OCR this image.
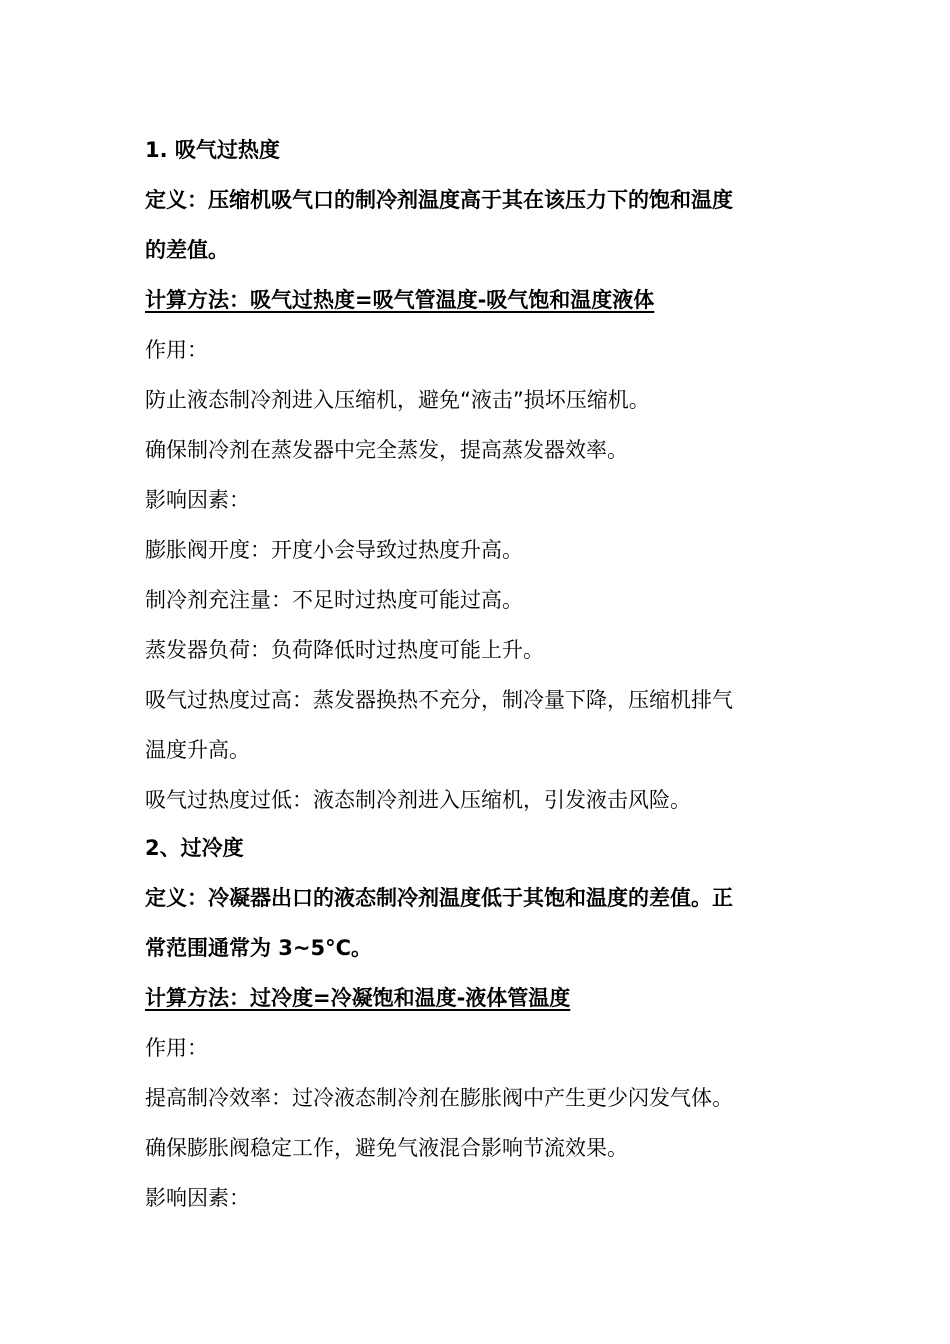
1. 吸气过热度
定义：压缩机吸气口的制冷剂温度高于其在该压力下的饱和温度
的差值。
计算方法：吸气过热度=吸气管温度-吸气饱和温度液体
作用：
防止液态制冷剂进入压缩机，避免“液击”损坏压缩机。
确保制冷剂在蒸发器中完全蒸发，提高蒸发器效率。
影响因素：
膨胀阀开度：开度小会导致过热度升高。
制冷剂充注量：不足时过热度可能过高。
蒸发器负荷：负荷降低时过热度可能上升。
吸气过热度过高：蒸发器换热不充分，制冷量下降，压缩机排气
温度升高。
吸气过热度过低：液态制冷剂进入压缩机，引发液击风险。
2、过冷度
定义：冷凝器出口的液态制冷剂温度低于其饱和温度的差值。正
常范围通常为 3~5°C。
计算方法：过冷度=冷凝饱和温度-液体管温度
作用：
提高制冷效率：过冷液态制冷剂在膨胀阀中产生更少闪发气体。
确保膨胀阀稳定工作，避免气液混合影响节流效果。
影响因素：
